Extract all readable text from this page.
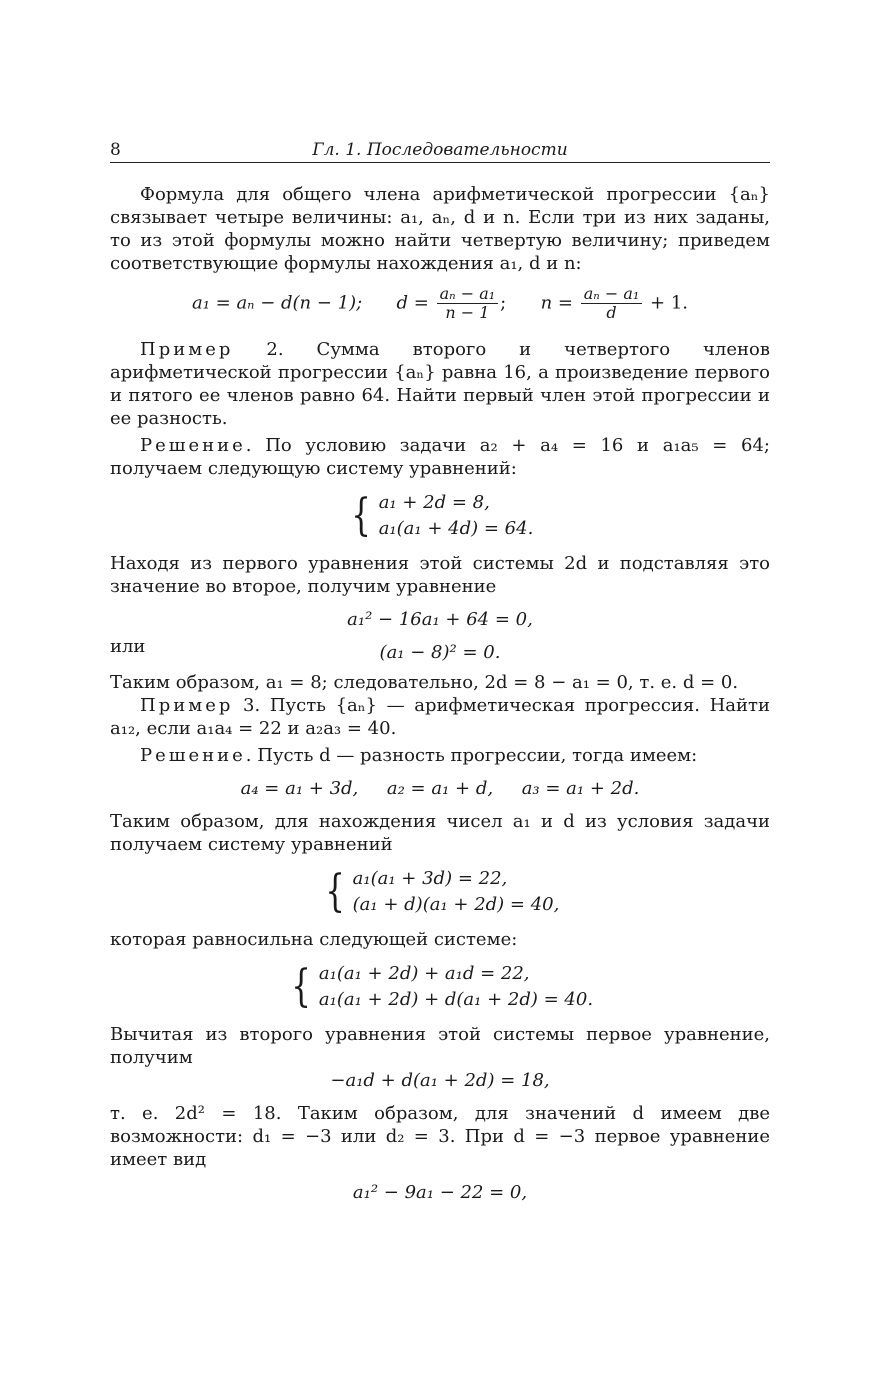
8	Гл. 1. Последовательности

Формула для общего члена арифметической прогрессии {aₙ} связывает четыре величины: a₁, aₙ, d и n. Если три из них заданы, то из этой формулы можно найти четвертую величину; приведем соответствующие формулы нахождения a₁, d и n:

a₁ = aₙ − d(n − 1); $d = \frac{\text{aₙ − a₁}}{n - 1}$ ; $n = \frac{\text{aₙ − a₁}}{d} + 1$.

Пример 2. Сумма второго и четвертого членов арифметической прогрессии {aₙ} равна 16, а произведение первого и пятого ее членов равно 64. Найти первый член этой прогрессии и ее разность.

Решение. По условию задачи a₂ + a₄ = 16 и a₁a₅ = 64; получаем следующую систему уравнений:

{ a₁ + 2d = 8,
a₁(a₁ + 4d) = 64.

Находя из первого уравнения этой системы 2d и подставляя это значение во второе, получим уравнение

a₁² − 16a₁ + 64 = 0,
или	(a₁ − 8)² = 0.

Таким образом, a₁ = 8; следовательно, 2d = 8 − a₁ = 0, т. е. d = 0.

Пример 3. Пусть {aₙ} — арифметическая прогрессия. Найти a₁₂, если a₁a₄ = 22 и a₂a₃ = 40.

Решение. Пусть d — разность прогрессии, тогда имеем:

a₄ = a₁ + 3d,     a₂ = a₁ + d,     a₃ = a₁ + 2d.

Таким образом, для нахождения чисел a₁ и d из условия задачи получаем систему уравнений

{ a₁(a₁ + 3d) = 22,
(a₁ + d)(a₁ + 2d) = 40,

которая равносильна следующей системе:

{ a₁(a₁ + 2d) + a₁d = 22,
a₁(a₁ + 2d) + d(a₁ + 2d) = 40.

Вычитая из второго уравнения этой системы первое уравнение, получим

−a₁d + d(a₁ + 2d) = 18,

т. е. 2d² = 18. Таким образом, для значений d имеем две возможности: d₁ = −3 или d₂ = 3. При d = −3 первое уравнение имеет вид

a₁² − 9a₁ − 22 = 0,
